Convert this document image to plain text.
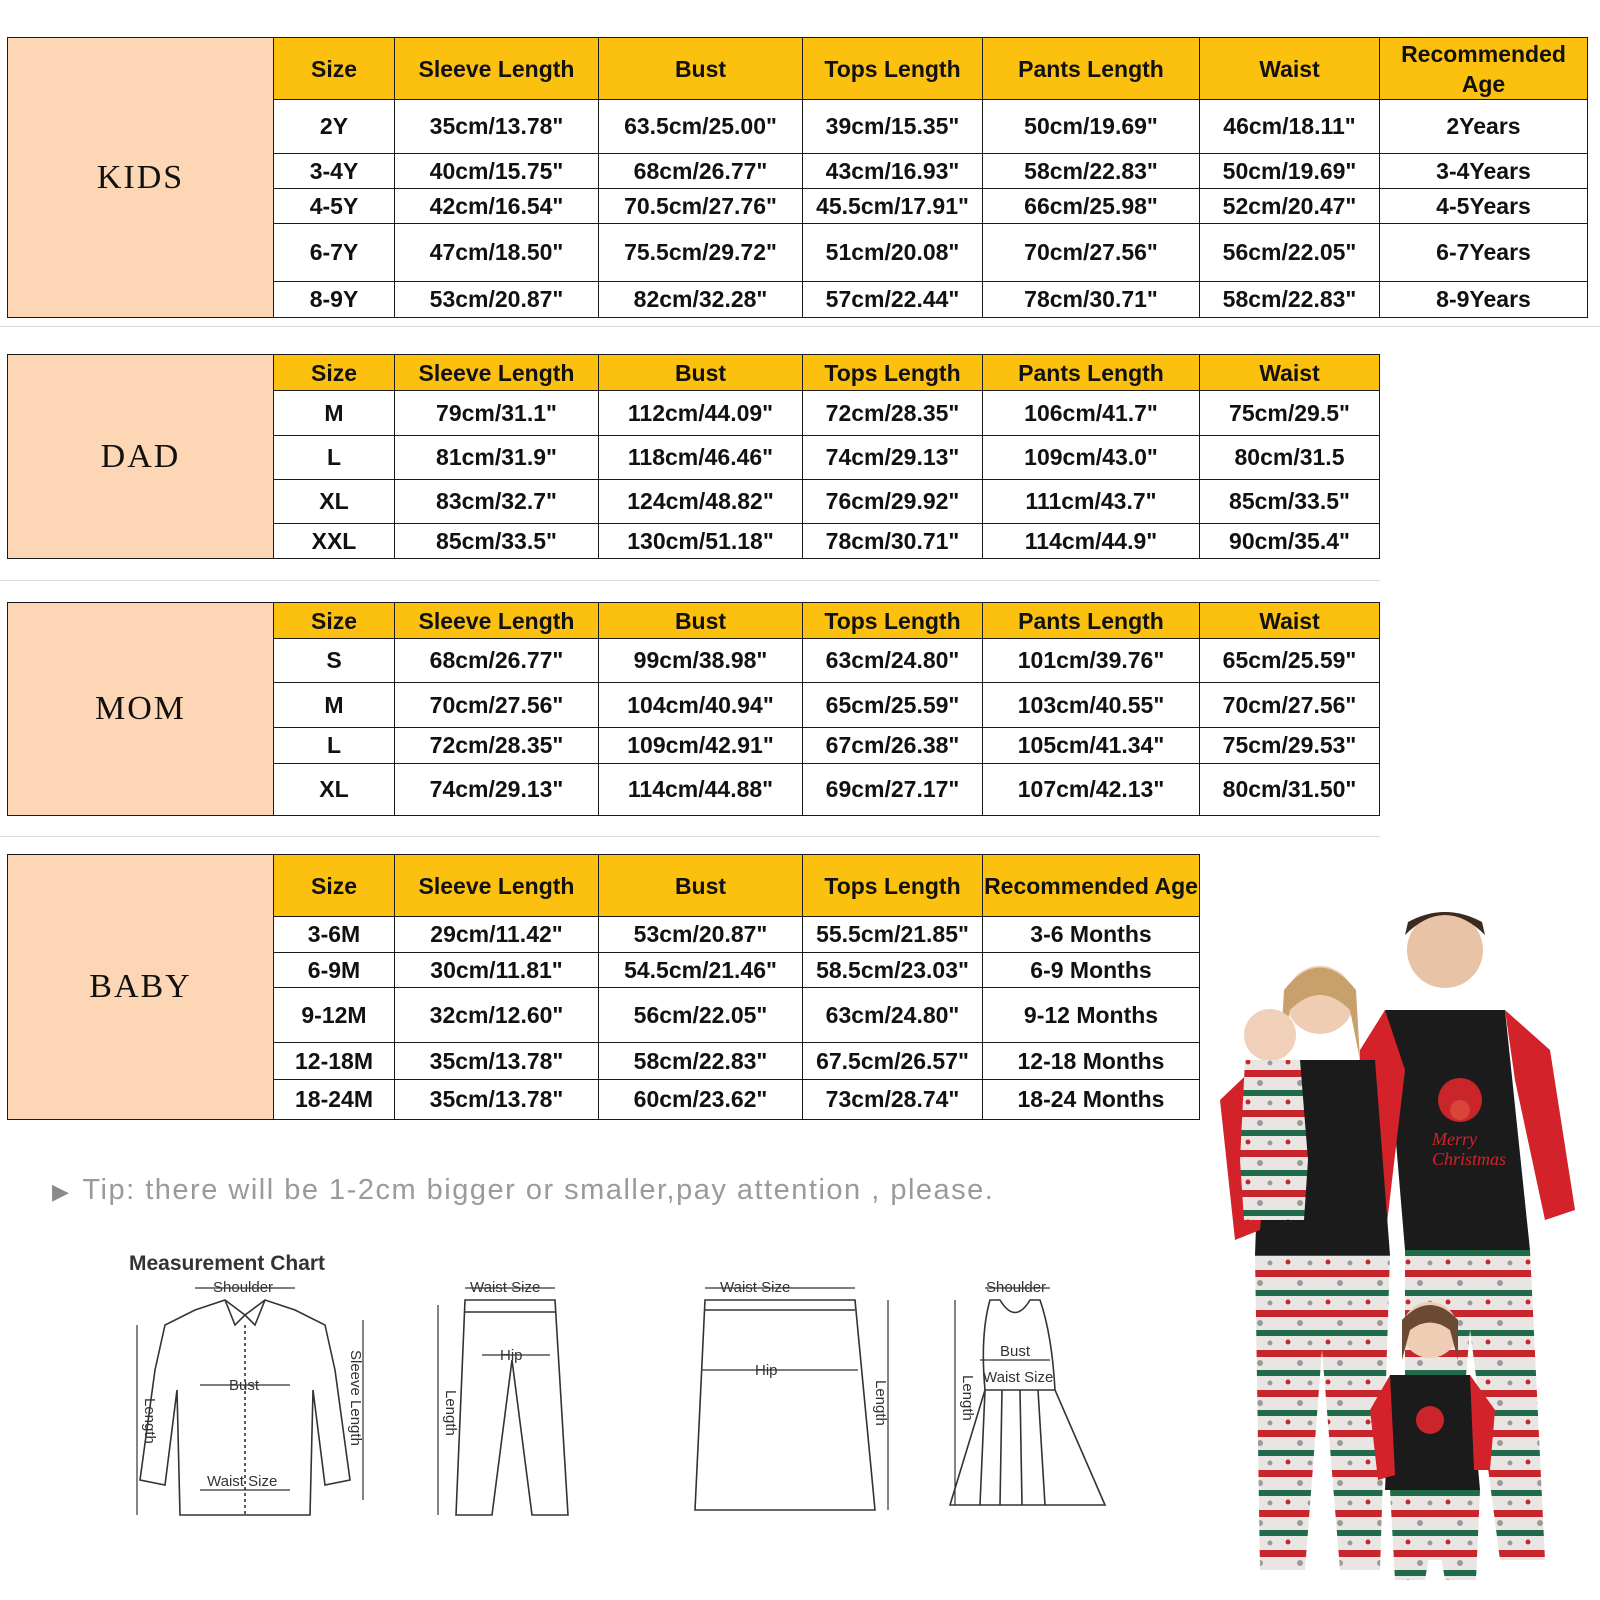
KIDS	Size	Sleeve Length	Bust	Tops Length	Pants Length	Waist	Recommended Age
	2Y	35cm/13.78"	63.5cm/25.00"	39cm/15.35"	50cm/19.69"	46cm/18.11"	2Years
	3-4Y	40cm/15.75"	68cm/26.77"	43cm/16.93"	58cm/22.83"	50cm/19.69"	3-4Years
	4-5Y	42cm/16.54"	70.5cm/27.76"	45.5cm/17.91"	66cm/25.98"	52cm/20.47"	4-5Years
	6-7Y	47cm/18.50"	75.5cm/29.72"	51cm/20.08"	70cm/27.56"	56cm/22.05"	6-7Years
	8-9Y	53cm/20.87"	82cm/32.28"	57cm/22.44"	78cm/30.71"	58cm/22.83"	8-9Years
DAD	Size	Sleeve Length	Bust	Tops Length	Pants Length	Waist
	M	79cm/31.1"	112cm/44.09"	72cm/28.35"	106cm/41.7"	75cm/29.5"
	L	81cm/31.9"	118cm/46.46"	74cm/29.13"	109cm/43.0"	80cm/31.5
	XL	83cm/32.7"	124cm/48.82"	76cm/29.92"	111cm/43.7"	85cm/33.5"
	XXL	85cm/33.5"	130cm/51.18"	78cm/30.71"	114cm/44.9"	90cm/35.4"
MOM	Size	Sleeve Length	Bust	Tops Length	Pants Length	Waist
	S	68cm/26.77"	99cm/38.98"	63cm/24.80"	101cm/39.76"	65cm/25.59"
	M	70cm/27.56"	104cm/40.94"	65cm/25.59"	103cm/40.55"	70cm/27.56"
	L	72cm/28.35"	109cm/42.91"	67cm/26.38"	105cm/41.34"	75cm/29.53"
	XL	74cm/29.13"	114cm/44.88"	69cm/27.17"	107cm/42.13"	80cm/31.50"
BABY	Size	Sleeve Length	Bust	Tops Length	Recommended Age
	3-6M	29cm/11.42"	53cm/20.87"	55.5cm/21.85"	3-6 Months
	6-9M	30cm/11.81"	54.5cm/21.46"	58.5cm/23.03"	6-9 Months
	9-12M	32cm/12.60"	56cm/22.05"	63cm/24.80"	9-12 Months
	12-18M	35cm/13.78"	58cm/22.83"	67.5cm/26.57"	12-18 Months
	18-24M	35cm/13.78"	60cm/23.62"	73cm/28.74"	18-24 Months
▶ Tip: there will be 1-2cm bigger or smaller,pay attention , please.
Measurement Chart
Shoulder
Bust
Waist Size
Length	Sleeve Length
Waist Size
Hip
Length
Waist Size
Hip
Length
Shoulder
Bust
Waist Size
Length
Merry
Christmas
